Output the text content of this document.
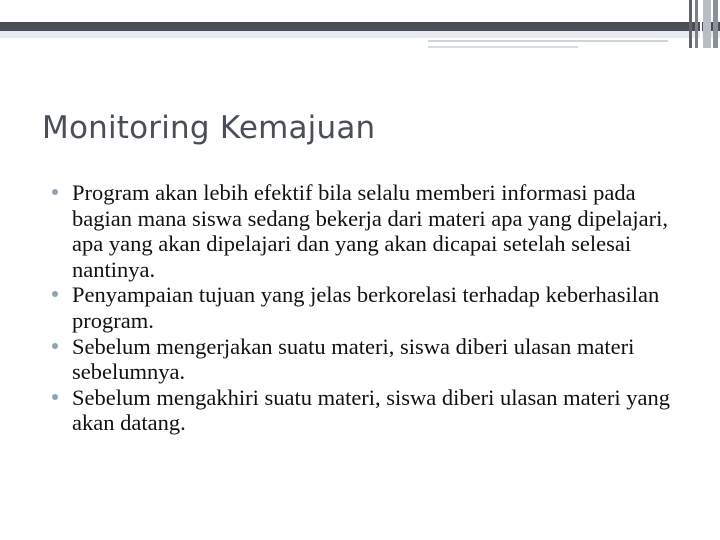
Monitoring Kemajuan
Program akan lebih efektif bila selalu memberi informasi pada bagian mana siswa sedang bekerja dari materi apa yang dipelajari, apa yang akan dipelajari dan yang akan dicapai setelah selesai nantinya.
Penyampaian tujuan yang jelas berkorelasi terhadap keberhasilan program.
Sebelum mengerjakan suatu materi, siswa diberi ulasan materi sebelumnya.
Sebelum mengakhiri suatu materi, siswa diberi ulasan materi yang akan datang.
